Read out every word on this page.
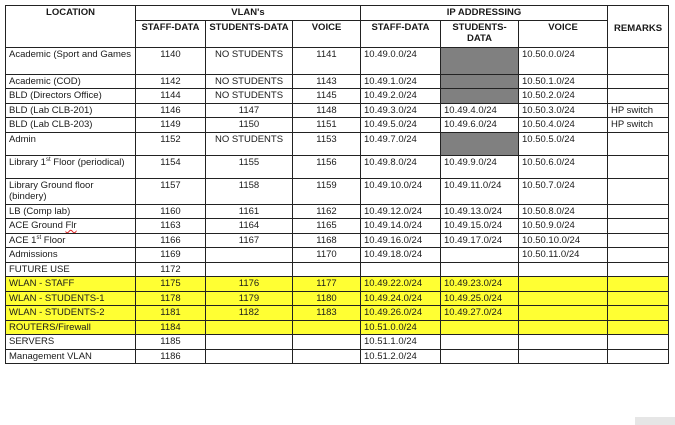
LOCATION	VLAN's			IP ADDRESSING			REMARKS
	STAFF-DATA	STUDENTS-DATA	VOICE	STAFF-DATA	STUDENTS-DATA	VOICE	
Academic (Sport and Games	1140	NO STUDENTS	1141	10.49.0.0/24		10.50.0.0/24	
Academic (COD)	1142	NO STUDENTS	1143	10.49.1.0/24		10.50.1.0/24	
BLD (Directors Office)	1144	NO STUDENTS	1145	10.49.2.0/24		10.50.2.0/24	
BLD (Lab CLB-201)	1146	1147	1148	10.49.3.0/24	10.49.4.0/24	10.50.3.0/24	HP switch
BLD (Lab CLB-203)	1149	1150	1151	10.49.5.0/24	10.49.6.0/24	10.50.4.0/24	HP switch
Admin	1152	NO STUDENTS	1153	10.49.7.0/24		10.50.5.0/24	
Library 1st Floor (periodical)	1154	1155	1156	10.49.8.0/24	10.49.9.0/24	10.50.6.0/24	
Library Ground floor (bindery)	1157	1158	1159	10.49.10.0/24	10.49.11.0/24	10.50.7.0/24	
LB (Comp lab)	1160	1161	1162	10.49.12.0/24	10.49.13.0/24	10.50.8.0/24	
ACE Ground Flr	1163	1164	1165	10.49.14.0/24	10.49.15.0/24	10.50.9.0/24	
ACE 1st Floor	1166	1167	1168	10.49.16.0/24	10.49.17.0/24	10.50.10.0/24	
Admissions	1169		1170	10.49.18.0/24		10.50.11.0/24	
FUTURE USE	1172						
WLAN - STAFF	1175	1176	1177	10.49.22.0/24	10.49.23.0/24		
WLAN - STUDENTS-1	1178	1179	1180	10.49.24.0/24	10.49.25.0/24		
WLAN - STUDENTS-2	1181	1182	1183	10.49.26.0/24	10.49.27.0/24		
ROUTERS/Firewall	1184			10.51.0.0/24			
SERVERS	1185			10.51.1.0/24			
Management VLAN	1186			10.51.2.0/24			
